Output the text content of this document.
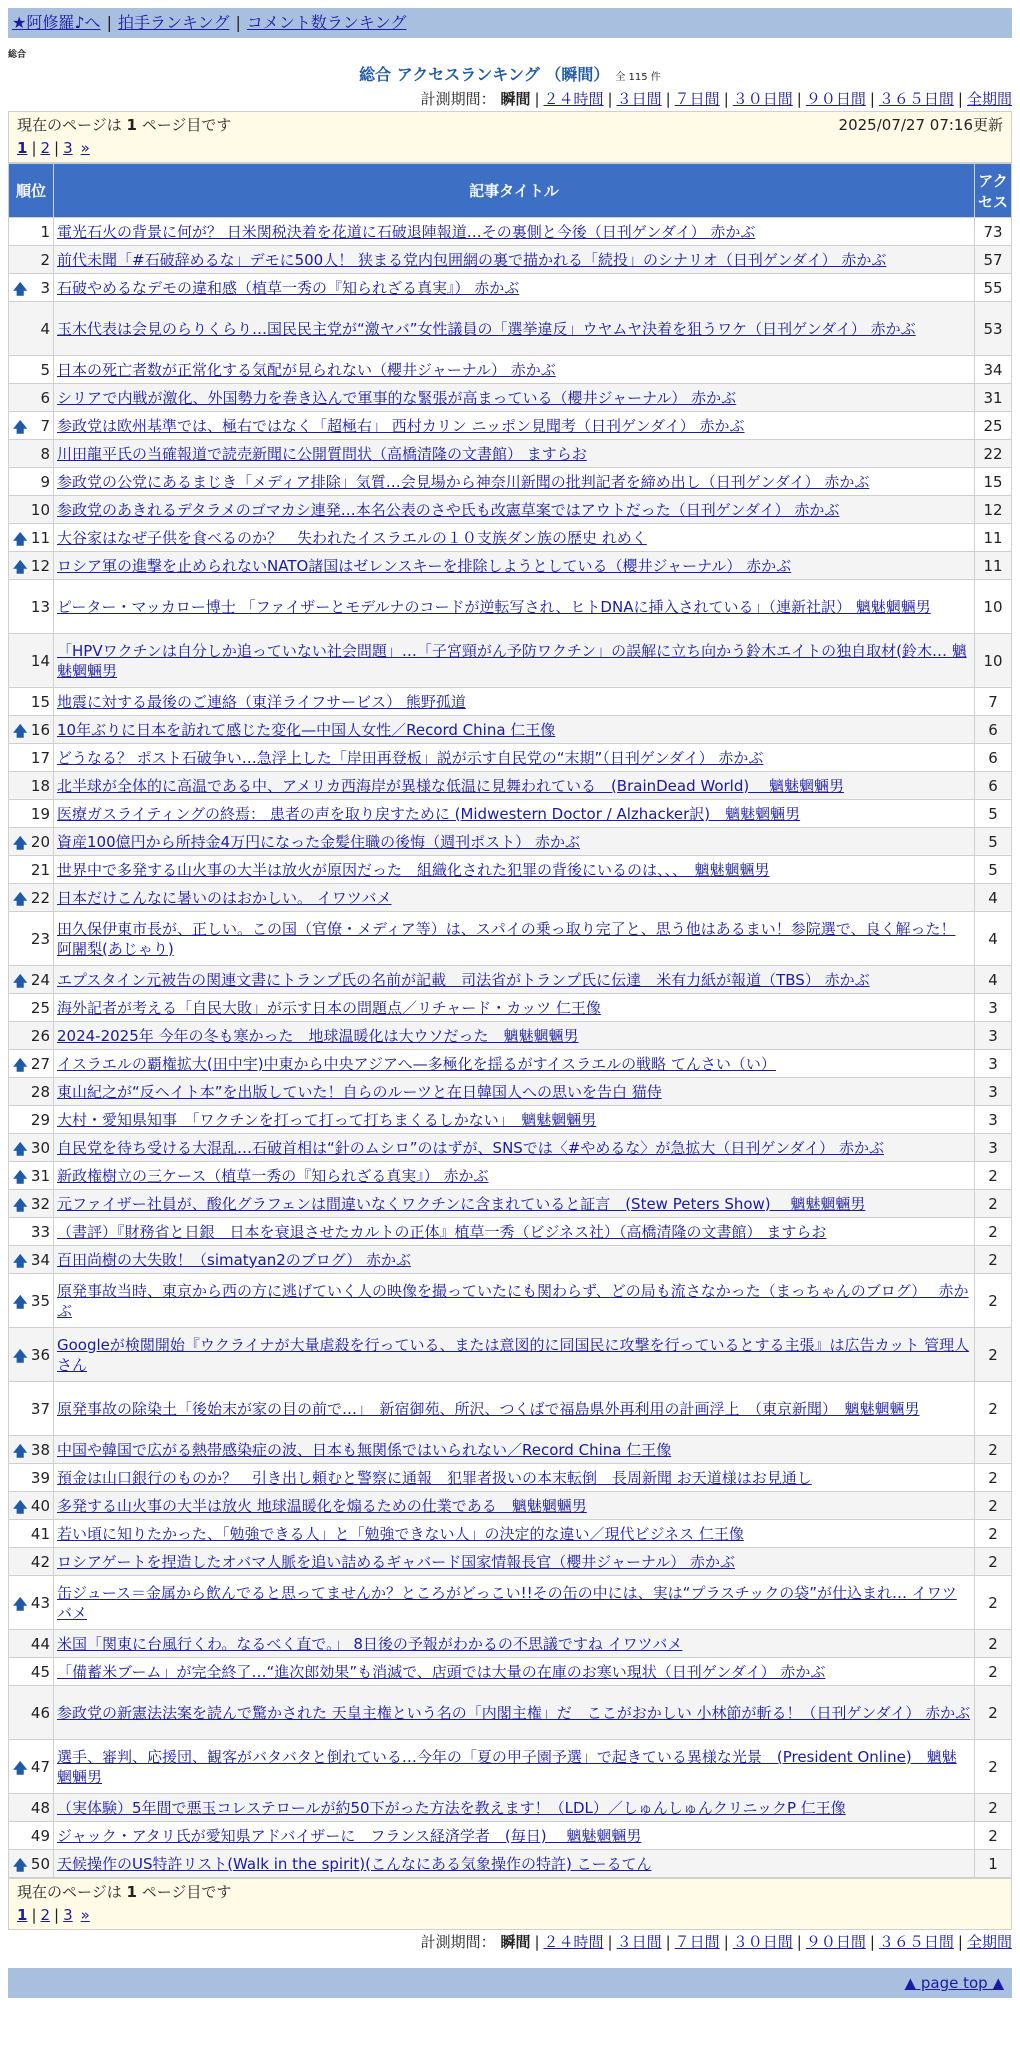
★阿修羅♪へ | 拍手ランキング | コメント数ランキング
総合
総合 アクセスランキング （瞬間） 全 115 件
計測期間： 瞬間 | ２４時間 | ３日間 | ７日間 | ３０日間 | ９０日間 | ３６５日間 | 全期間
現在のページは 1 ページ目です	2025/07/27 07:16更新
1 | 2 | 3 »
順位	記事タイトル	アクセス
1	電光石火の背景に何が？ 日米関税決着を花道に石破退陣報道…その裏側と今後（日刊ゲンダイ） 赤かぶ	73
2	前代未聞「#石破辞めるな」デモに500人！ 狭まる党内包囲網の裏で描かれる「続投」のシナリオ（日刊ゲンダイ） 赤かぶ	57

🡅 3	石破やめるなデモの違和感（植草一秀の『知られざる真実』） 赤かぶ	55
4	玉木代表は会見のらりくらり…国民民主党が“激ヤバ”女性議員の「選挙違反」ウヤムヤ決着を狙うワケ（日刊ゲンダイ） 赤かぶ	53
5	日本の死亡者数が正常化する気配が見られない（櫻井ジャーナル） 赤かぶ	34
6	シリアで内戦が激化、外国勢力を巻き込んで軍事的な緊張が高まっている（櫻井ジャーナル） 赤かぶ	31

🡅 7	参政党は欧州基準では、極右ではなく「超極右」 西村カリン ニッポン見聞考（日刊ゲンダイ） 赤かぶ	25
8	川田龍平氏の当確報道で読売新聞に公開質問状（高橋清隆の文書館） ますらお	22
9	参政党の公党にあるまじき「メディア排除」気質…会見場から神奈川新聞の批判記者を締め出し（日刊ゲンダイ） 赤かぶ	15
10	参政党のあきれるデタラメのゴマカシ連発…本名公表のさや氏も改憲草案ではアウトだった（日刊ゲンダイ） 赤かぶ	12

🡅 11	大谷家はなぜ子供を食べるのか？　失われたイスラエルの１０支族ダン族の歴史 れめく	11

🡅 12	ロシア軍の進撃を止められないNATO諸国はゼレンスキーを排除しようとしている（櫻井ジャーナル） 赤かぶ	11
13	ピーター・マッカロー博士 「ファイザーとモデルナのコードが逆転写され、ヒトDNAに挿入されている」（連新社訳） 魑魅魍魎男	10
14	「HPVワクチンは自分しか追っていない社会問題」…「子宮頸がん予防ワクチン」の誤解に立ち向かう鈴木エイトの独自取材(鈴木… 魑魅魍魎男	10
15	地震に対する最後のご連絡（東洋ライフサービス） 熊野孤道	7

🡅 16	10年ぶりに日本を訪れて感じた変化—中国人女性／Record China 仁王像	6
17	どうなる？ ポスト石破争い…急浮上した「岸田再登板」説が示す自民党の“末期”（日刊ゲンダイ） 赤かぶ	6
18	北半球が全体的に高温である中、アメリカ西海岸が異様な低温に見舞われている　(BrainDead World)　 魑魅魍魎男	6
19	医療ガスライティングの終焉： 患者の声を取り戻すために (Midwestern Doctor / Alzhacker訳)　魑魅魍魎男	5

🡅 20	資産100億円から所持金4万円になった金髪住職の後悔（週刊ポスト） 赤かぶ	5
21	世界中で多発する山火事の大半は放火が原因だった　組織化された犯罪の背後にいるのは、、、　魑魅魍魎男	5

🡅 22	日本だけこんなに暑いのはおかしい。 イワツバメ	4
23	田久保伊東市長が、正しい。この国（官僚・メディア等）は、スパイの乗っ取り完了と、思う他はあるまい！参院選で、良く解った！ 阿闍梨(あじゃり)	4

🡅 24	エプスタイン元被告の関連文書にトランプ氏の名前が記載　司法省がトランプ氏に伝達　米有力紙が報道（TBS） 赤かぶ	4
25	海外記者が考える「自民大敗」が示す日本の問題点／リチャード・カッツ 仁王像	3
26	2024-2025年 今年の冬も寒かった　地球温暖化は大ウソだった　魑魅魍魎男	3

🡅 27	イスラエルの覇権拡大(田中宇)中東から中央アジアへ—多極化を揺るがすイスラエルの戦略 てんさい（い）	3
28	東山紀之が“反ヘイト本”を出版していた！自らのルーツと在日韓国人への思いを告白 猫侍	3
29	大村・愛知県知事　「ワクチンを打って打って打ちまくるしかない」　魑魅魍魎男	3

🡅 30	自民党を待ち受ける大混乱…石破首相は“針のムシロ”のはずが、SNSでは〈#やめるな〉が急拡大（日刊ゲンダイ） 赤かぶ	3

🡅 31	新政権樹立の三ケース（植草一秀の『知られざる真実』） 赤かぶ	2

🡅 32	元ファイザー社員が、酸化グラフェンは間違いなくワクチンに含まれていると証言　(Stew Peters Show)　 魑魅魍魎男	2
33	（書評）『財務省と日銀　日本を衰退させたカルトの正体』植草一秀（ビジネス社）（高橋清隆の文書館） ますらお	2

🡅 34	百田尚樹の大失敗！（simatyan2のブログ） 赤かぶ	2

🡅 35	原発事故当時、東京から西の方に逃げていく人の映像を撮っていたにも関わらず、どの局も流さなかった（まっちゃんのブログ）　 赤かぶ	2

🡅 36	Googleが検閲開始『ウクライナが大量虐殺を行っている、または意図的に同国民に攻撃を行っているとする主張』は広告カット 管理人さん	2
37	原発事故の除染土「後始末が家の目の前で…」　新宿御苑、所沢、つくばで福島県外再利用の計画浮上　（東京新聞）　魑魅魍魎男	2

🡅 38	中国や韓国で広がる熱帯感染症の波、日本も無関係ではいられない／Record China 仁王像	2
39	預金は山口銀行のものか？　引き出し頼むと警察に通報　犯罪者扱いの本末転倒　長周新聞 お天道様はお見通し	2

🡅 40	多発する山火事の大半は放火 地球温暖化を煽るための仕業である　魑魅魍魎男	2
41	若い頃に知りたかった、「勉強できる人」と「勉強できない人」の決定的な違い／現代ビジネス 仁王像	2
42	ロシアゲートを捏造したオバマ人脈を追い詰めるギャバード国家情報長官（櫻井ジャーナル） 赤かぶ	2

🡅 43	缶ジュース＝金属から飲んでると思ってませんか？ところがどっこい!!その缶の中には、実は“プラスチックの袋”が仕込まれ… イワツバメ	2
44	米国「関東に台風行くわ。なるべく直で。」 8日後の予報がわかるの不思議ですね イワツバメ	2
45	「備蓄米ブーム」が完全終了…“進次郎効果”も消滅で、店頭では大量の在庫のお寒い現状（日刊ゲンダイ） 赤かぶ	2
46	参政党の新憲法法案を読んで驚かされた 天皇主権という名の「内閣主権」だ　ここがおかしい 小林節が斬る！（日刊ゲンダイ） 赤かぶ	2

🡅 47	選手、審判、応援団、観客がバタバタと倒れている…今年の「夏の甲子園予選」で起きている異様な光景　(President Online)　魑魅魍魎男	2
48	（実体験）5年間で悪玉コレステロールが約50下がった方法を教えます！（LDL）／しゅんしゅんクリニックP 仁王像	2
49	ジャック・アタリ氏が愛知県アドバイザーに　フランス経済学者　(毎日)　 魑魅魍魎男	2

🡅 50	天候操作のUS特許リスト(Walk in the spirit)(こんなにある気象操作の特許) こーるてん	1
現在のページは 1 ページ目です
1 | 2 | 3 »
計測期間： 瞬間 | ２４時間 | ３日間 | ７日間 | ３０日間 | ９０日間 | ３６５日間 | 全期間
▲ page top ▲
